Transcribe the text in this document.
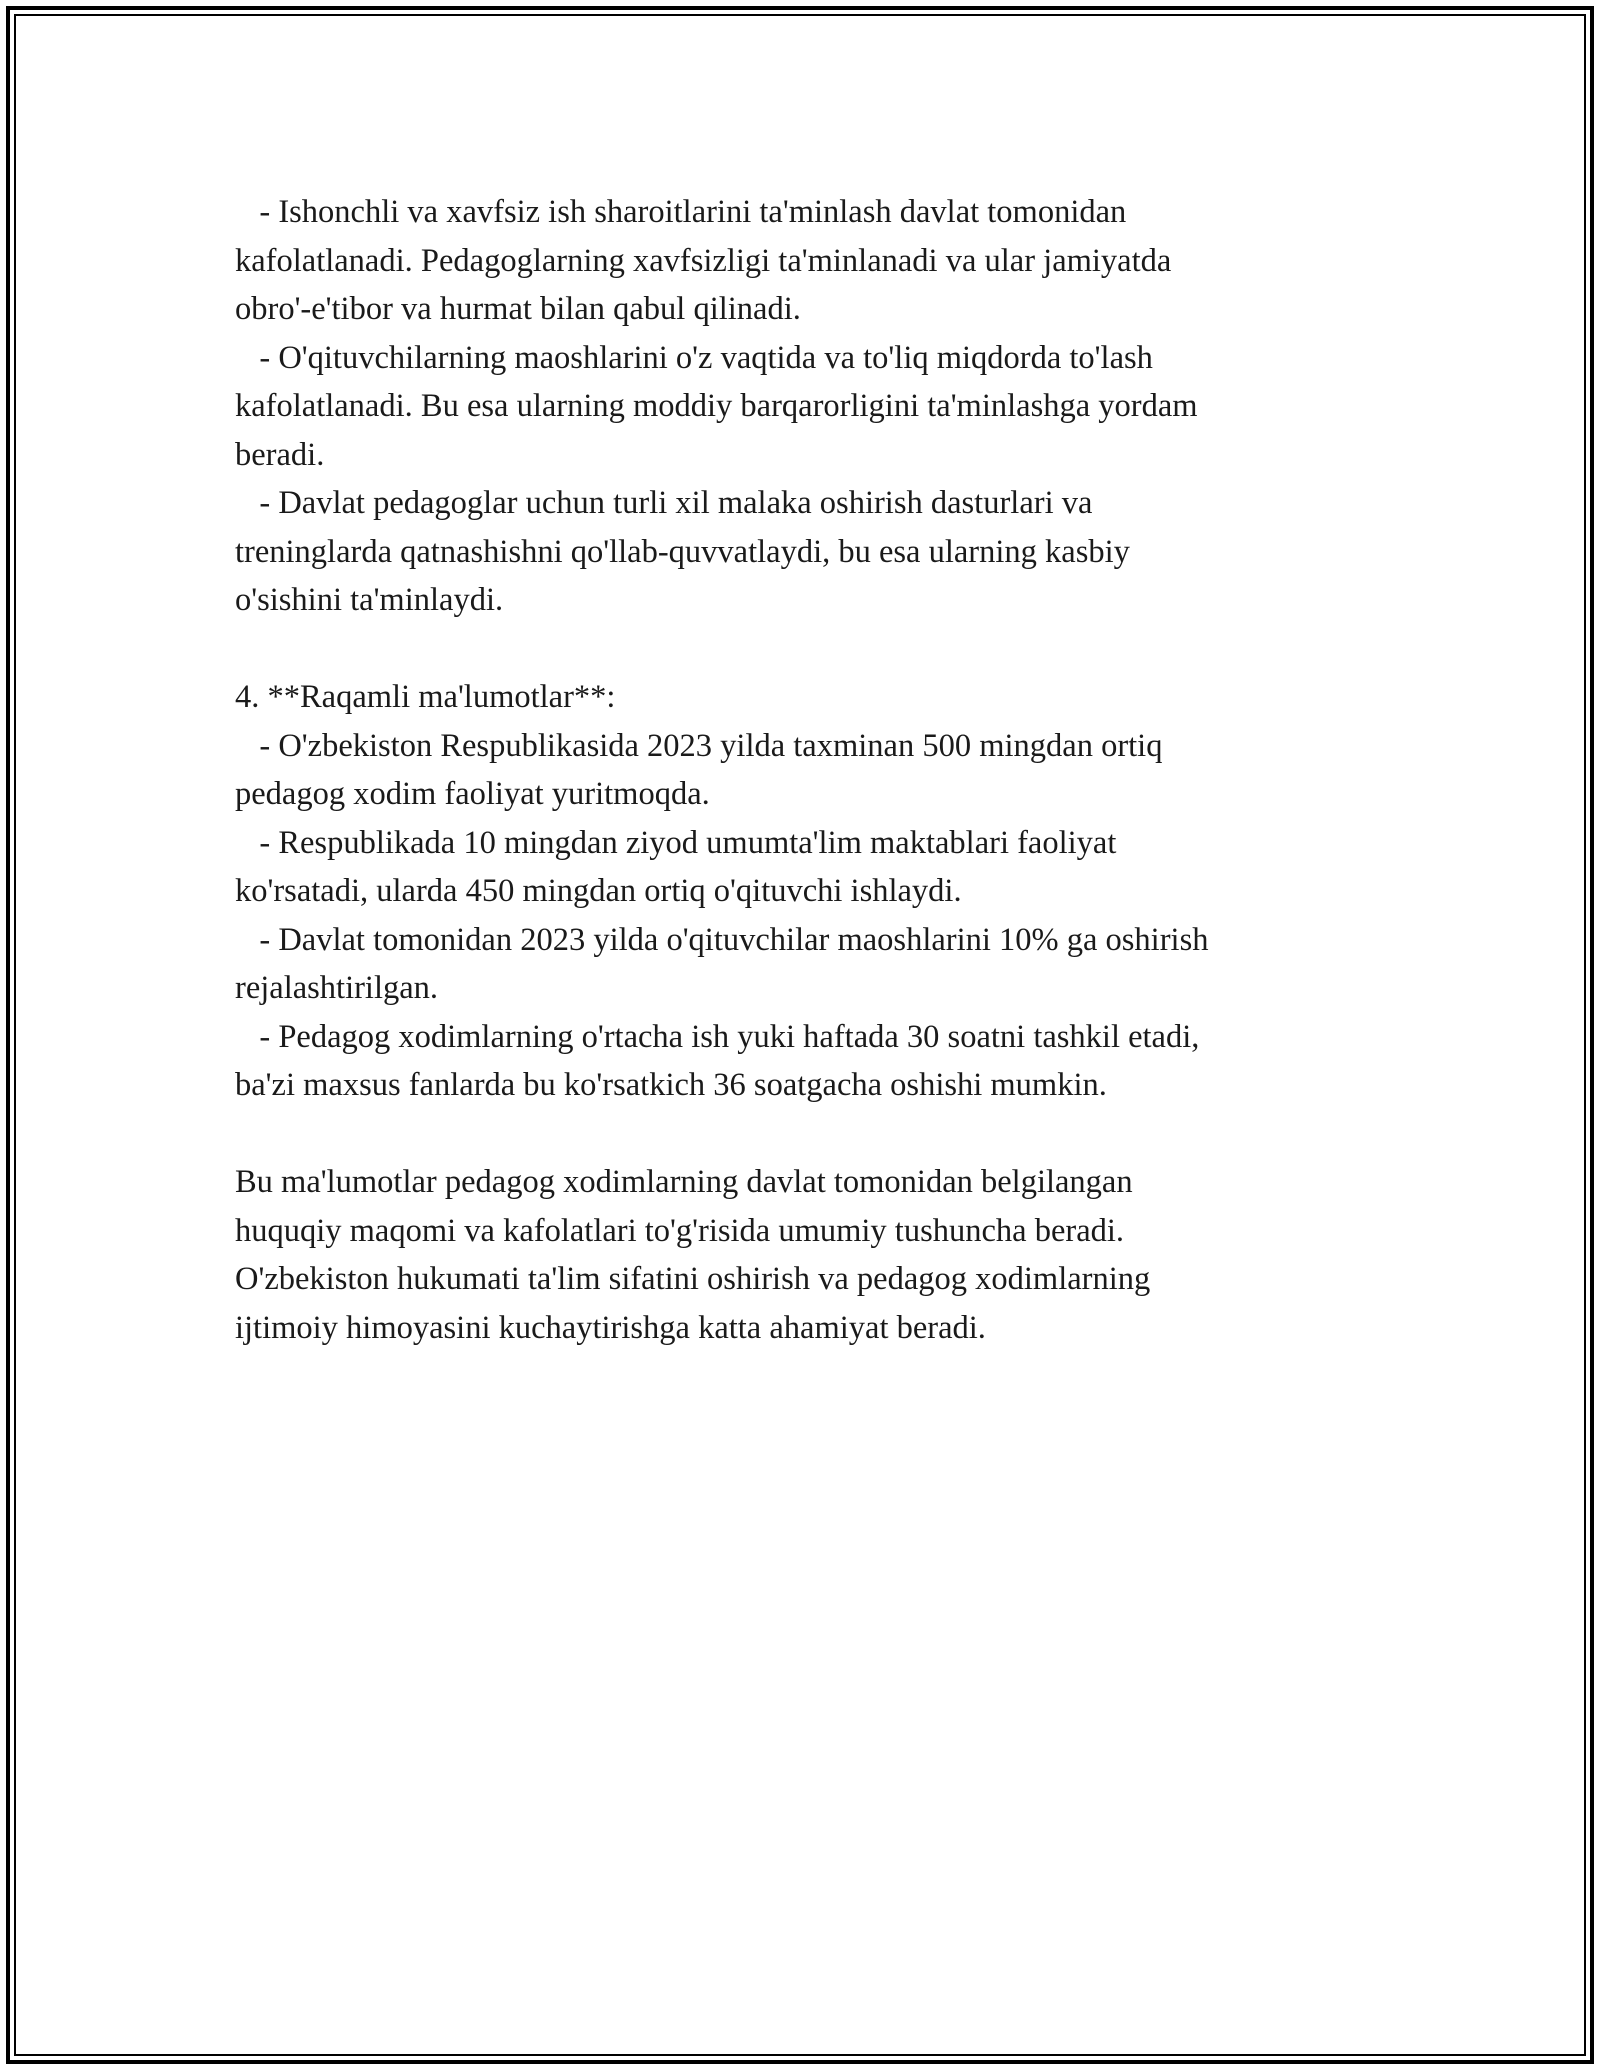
- Ishonchli va xavfsiz ish sharoitlarini ta'minlash davlat tomonidan
kafolatlanadi. Pedagoglarning xavfsizligi ta'minlanadi va ular jamiyatda
obro'-e'tibor va hurmat bilan qabul qilinadi.
- O'qituvchilarning maoshlarini o'z vaqtida va to'liq miqdorda to'lash
kafolatlanadi. Bu esa ularning moddiy barqarorligini ta'minlashga yordam
beradi.
- Davlat pedagoglar uchun turli xil malaka oshirish dasturlari va
treninglarda qatnashishni qo'llab-quvvatlaydi, bu esa ularning kasbiy
o'sishini ta'minlaydi.
4. **Raqamli ma'lumotlar**:
- O'zbekiston Respublikasida 2023 yilda taxminan 500 mingdan ortiq
pedagog xodim faoliyat yuritmoqda.
- Respublikada 10 mingdan ziyod umumta'lim maktablari faoliyat
ko'rsatadi, ularda 450 mingdan ortiq o'qituvchi ishlaydi.
- Davlat tomonidan 2023 yilda o'qituvchilar maoshlarini 10% ga oshirish
rejalashtirilgan.
- Pedagog xodimlarning o'rtacha ish yuki haftada 30 soatni tashkil etadi,
ba'zi maxsus fanlarda bu ko'rsatkich 36 soatgacha oshishi mumkin.
Bu ma'lumotlar pedagog xodimlarning davlat tomonidan belgilangan
huquqiy maqomi va kafolatlari to'g'risida umumiy tushuncha beradi.
O'zbekiston hukumati ta'lim sifatini oshirish va pedagog xodimlarning
ijtimoiy himoyasini kuchaytirishga katta ahamiyat beradi.
